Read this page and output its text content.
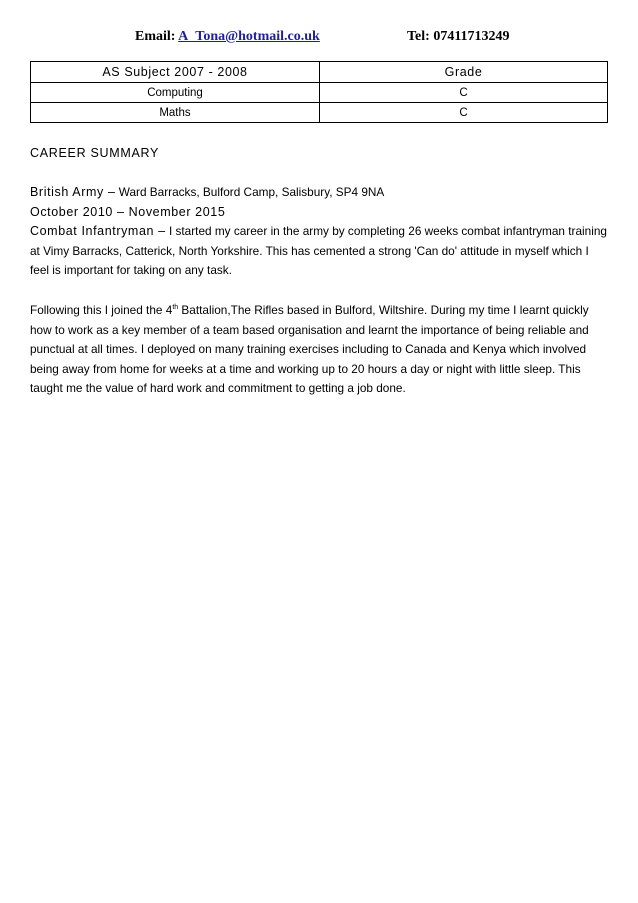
Email: A_Tona@hotmail.co.uk	Tel: 07411713249
AS Subject 2007 - 2008	Grade
Computing	C
Maths	C
CAREER SUMMARY
British Army – Ward Barracks, Bulford Camp, Salisbury, SP4 9NA
October 2010 – November 2015
Combat Infantryman – I started my career in the army by completing 26 weeks combat infantryman training at Vimy Barracks, Catterick, North Yorkshire. This has cemented a strong 'Can do' attitude in myself which I feel is important for taking on any task.
Following this I joined the 4th Battalion,The Rifles based in Bulford, Wiltshire. During my time I learnt quickly how to work as a key member of a team based organisation and learnt the importance of being reliable and punctual at all times. I deployed on many training exercises including to Canada and Kenya which involved being away from home for weeks at a time and working up to 20 hours a day or night with little sleep. This taught me the value of hard work and commitment to getting a job done.
